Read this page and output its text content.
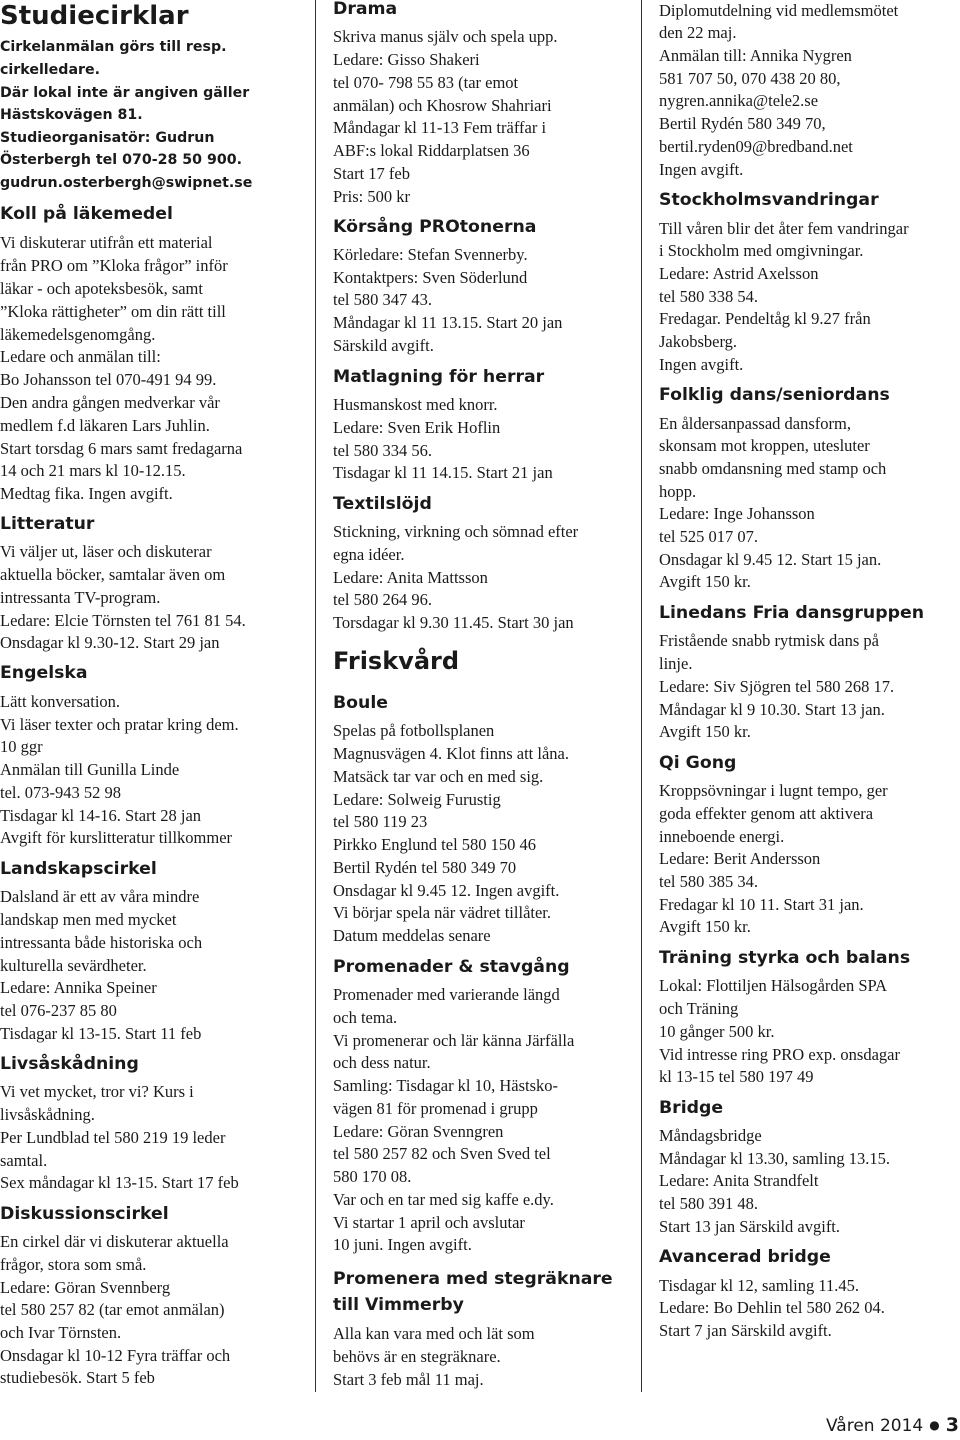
Studiecirklar
Cirkelanmälan görs till resp.
cirkelledare.
Där lokal inte är angiven gäller
Hästskovägen 81.
Studieorganisatör: Gudrun
Österbergh tel 070-28 50 900.
gudrun.osterbergh@swipnet.se
Koll på läkemedel
Vi diskuterar utifrån ett material
från PRO om ”Kloka frågor” inför
läkar - och apoteksbesök, samt
”Kloka rättigheter” om din rätt till
läkemedelsgenomgång.
Ledare och anmälan till:
Bo Johansson tel 070-491 94 99.
Den andra gången medverkar vår
medlem f.d läkaren Lars Juhlin.
Start torsdag 6 mars samt fredagarna
14 och 21 mars kl 10-12.15.
Medtag fika. Ingen avgift.
Litteratur
Vi väljer ut, läser och diskuterar
aktuella böcker, samtalar även om
intressanta TV-program.
Ledare: Elcie Törnsten tel 761 81 54.
Onsdagar kl 9.30-12. Start 29 jan
Engelska
Lätt konversation.
Vi läser texter och pratar kring dem.
10 ggr
Anmälan till Gunilla Linde
tel. 073-943 52 98
Tisdagar kl 14-16. Start 28 jan
Avgift för kurslitteratur tillkommer
Landskapscirkel
Dalsland är ett av våra mindre
landskap men med mycket
intressanta både historiska och
kulturella sevärdheter.
Ledare: Annika Speiner
tel 076-237 85 80
Tisdagar kl 13-15. Start 11 feb
Livsåskådning
Vi vet mycket, tror vi? Kurs i
livsåskådning.
Per Lundblad tel 580 219 19 leder
samtal.
Sex måndagar kl 13-15. Start 17 feb
Diskussionscirkel
En cirkel där vi diskuterar aktuella
frågor, stora som små.
Ledare: Göran Svennberg
tel 580 257 82 (tar emot anmälan)
och Ivar Törnsten.
Onsdagar kl 10-12 Fyra träffar och
studiebesök. Start 5 feb
Drama
Skriva manus själv och spela upp.
Ledare: Gisso Shakeri
tel 070- 798 55 83 (tar emot
anmälan) och Khosrow Shahriari
Måndagar kl 11-13 Fem träffar i
ABF:s lokal Riddarplatsen 36
Start 17 feb
Pris: 500 kr
Körsång PROtonerna
Körledare: Stefan Svennerby.
Kontaktpers: Sven Söderlund
tel 580 347 43.
Måndagar kl 11 13.15. Start 20 jan
Särskild avgift.
Matlagning för herrar
Husmanskost med knorr.
Ledare: Sven Erik Hoflin
tel 580 334 56.
Tisdagar kl 11 14.15. Start 21 jan
Textilslöjd
Stickning, virkning och sömnad efter
egna idéer.
Ledare: Anita Mattsson
tel 580 264 96.
Torsdagar kl 9.30 11.45. Start 30 jan
Friskvård
Boule
Spelas på fotbollsplanen
Magnusvägen 4. Klot finns att låna.
Matsäck tar var och en med sig.
Ledare: Solweig Furustig
tel 580 119 23
Pirkko Englund tel 580 150 46
Bertil Rydén tel 580 349 70
Onsdagar kl 9.45 12. Ingen avgift.
Vi börjar spela när vädret tillåter.
Datum meddelas senare
Promenader & stavgång
Promenader med varierande längd
och tema.
Vi promenerar och lär känna Järfälla
och dess natur.
Samling: Tisdagar kl 10, Hästsko-
vägen 81 för promenad i grupp
Ledare: Göran Svenngren
tel 580 257 82 och Sven Sved tel
580 170 08.
Var och en tar med sig kaffe e.dy.
Vi startar 1 april och avslutar
10 juni. Ingen avgift.
Promenera med stegräknare
till Vimmerby
Alla kan vara med och lät som
behövs är en stegräknare.
Start 3 feb mål 11 maj.
Diplomutdelning vid medlemsmötet
den 22 maj.
Anmälan till: Annika Nygren
581 707 50, 070 438 20 80,
nygren.annika@tele2.se
Bertil Rydén 580 349 70,
bertil.ryden09@bredband.net
Ingen avgift.
Stockholmsvandringar
Till våren blir det åter fem vandringar
i Stockholm med omgivningar.
Ledare: Astrid Axelsson
tel 580 338 54.
Fredagar. Pendeltåg kl 9.27 från
Jakobsberg.
Ingen avgift.
Folklig dans/seniordans
En åldersanpassad dansform,
skonsam mot kroppen, utesluter
snabb omdansning med stamp och
hopp.
Ledare: Inge Johansson
tel 525 017 07.
Onsdagar kl 9.45 12. Start 15 jan.
Avgift 150 kr.
Linedans Fria dansgruppen
Fristående snabb rytmisk dans på
linje.
Ledare: Siv Sjögren tel 580 268 17.
Måndagar kl 9 10.30. Start 13 jan.
Avgift 150 kr.
Qi Gong
Kroppsövningar i lugnt tempo, ger
goda effekter genom att aktivera
inneboende energi.
Ledare: Berit Andersson
tel 580 385 34.
Fredagar kl 10 11. Start 31 jan.
Avgift 150 kr.
Träning styrka och balans
Lokal: Flottiljen Hälsogården SPA
och Träning
10 gånger 500 kr.
Vid intresse ring PRO exp. onsdagar
kl 13-15 tel 580 197 49
Bridge
Måndagsbridge
Måndagar kl 13.30, samling 13.15.
Ledare: Anita Strandfelt
tel 580 391 48.
Start 13 jan Särskild avgift.
Avancerad bridge
Tisdagar kl 12, samling 11.45.
Ledare: Bo Dehlin tel 580 262 04.
Start 7 jan Särskild avgift.
Våren 2014 ● 3
